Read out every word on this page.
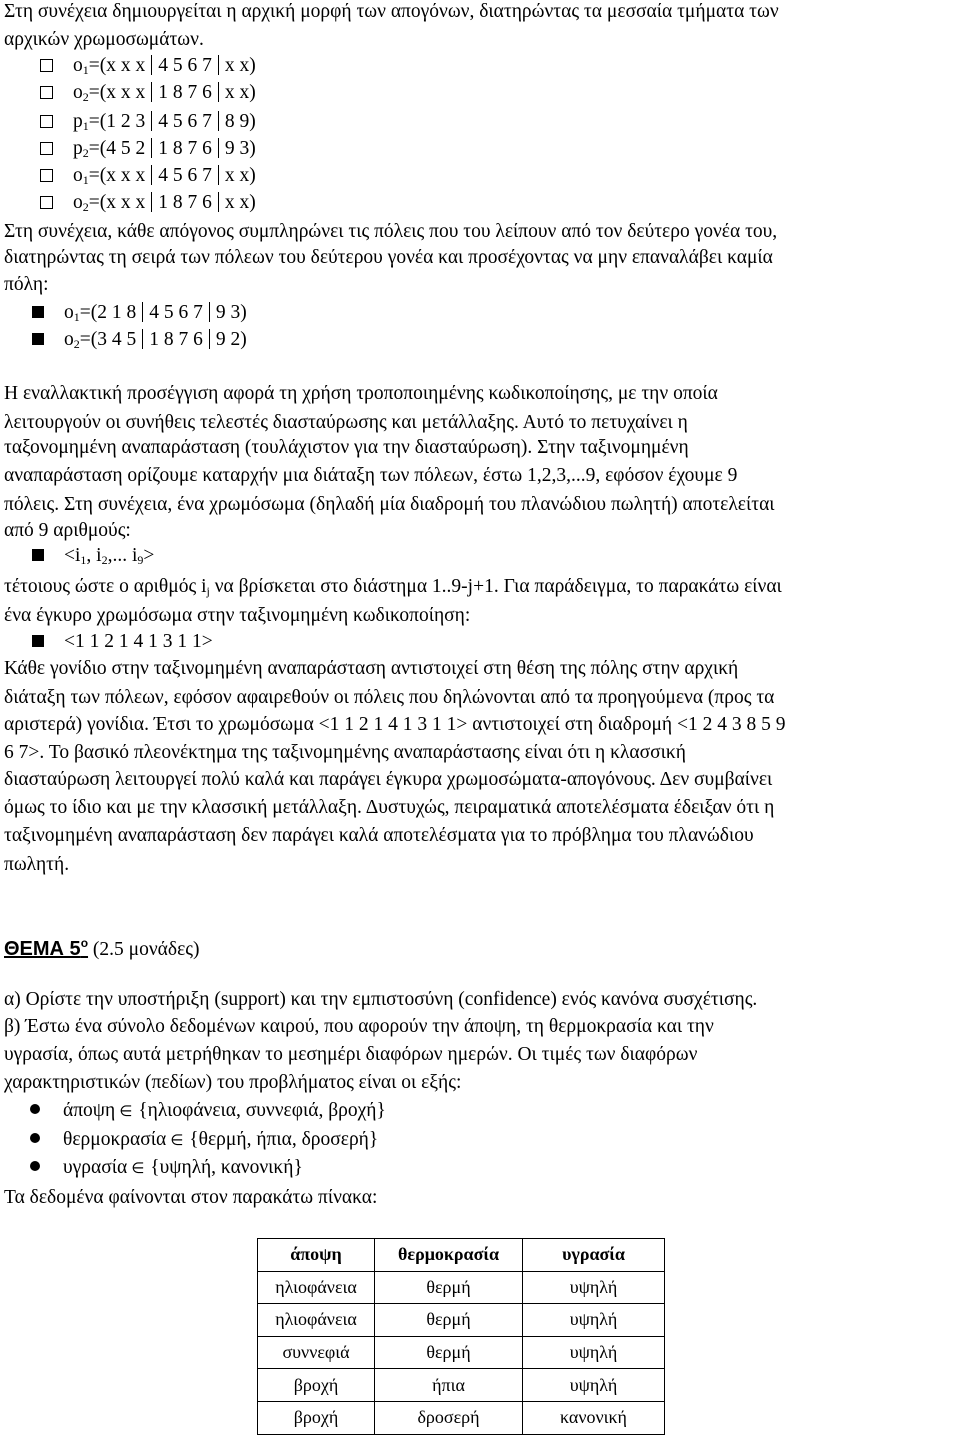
Στη συνέχεια δημιουργείται η αρχική μορφή των απογόνων, διατηρώντας τα μεσσαία τμήματα των
αρχικών χρωμοσωμάτων.
$o_1=(x$ x x 4 5 6 7 x x)
$o_2=(x$ x x 1 8 7 6 x x)
$p_1=(1$ 2 3 4 5 6 7 8 9)
$p_2=(4$ 5 2 1 8 7 6 9 3)
$o_1=(x$ x x 4 5 6 7 x x)
$o_2=(x$ x x 1 8 7 6 x x)
Στη συνέχεια, κάθε απόγονος συμπληρώνει τις πόλεις που του λείπουν από τον δεύτερο γονέα του,
διατηρώντας τη σειρά των πόλεων του δεύτερου γονέα και προσέχοντας να μην επαναλάβει καμία
πόλη:
$o_1=(2$ 1 8 4 5 6 7 9 3)
$o_2=(3$ 4 5 1 8 7 6 9 2)
Η εναλλακτική προσέγγιση αφορά τη χρήση τροποποιημένης κωδικοποίησης, με την οποία
λειτουργούν οι συνήθεις τελεστές διασταύρωσης και μετάλλαξης. Αυτό το πετυχαίνει η
ταξονομημένη αναπαράσταση (τουλάχιστον για την διασταύρωση). Στην ταξινομημένη
αναπαράσταση ορίζουμε καταρχήν μια διάταξη των πόλεων, έστω 1,2,3,...9, εφόσον έχουμε 9
πόλεις. Στη συνέχεια, ένα χρωμόσωμα (δηλαδή μία διαδρομή του πλανώδιου πωλητή) αποτελείται
από 9 αριθμούς:
$<i_1$, $i_2$,... $i_9>$
τέτοιους ώστε ο αριθμός $i_j$ να βρίσκεται στο διάστημα 1..9-j+1. Για παράδειγμα, το παρακάτω είναι
ένα έγκυρο χρωμόσωμα στην ταξινομημένη κωδικοποίηση:
<1 1 2 1 4 1 3 1 1>
Κάθε γονίδιο στην ταξινομημένη αναπαράσταση αντιστοιχεί στη θέση της πόλης στην αρχική
διάταξη των πόλεων, εφόσον αφαιρεθούν οι πόλεις που δηλώνονται από τα προηγούμενα (προς τα
αριστερά) γονίδια. Έτσι το χρωμόσωμα <1 1 2 1 4 1 3 1 1> αντιστοιχεί στη διαδρομή <1 2 4 3 8 5 9
6 7>. Το βασικό πλεονέκτημα της ταξινομημένης αναπαράστασης είναι ότι η κλασσική
διασταύρωση λειτουργεί πολύ καλά και παράγει έγκυρα χρωμοσώματα-απογόνους. Δεν συμβαίνει
όμως το ίδιο και με την κλασσική μετάλλαξη. Δυστυχώς, πειραματικά αποτελέσματα έδειξαν ότι η
ταξινομημένη αναπαράσταση δεν παράγει καλά αποτελέσματα για το πρόβλημα του πλανώδιου
πωλητή.
ΘΕΜΑ $5^o$ (2.5 μονάδες)
α) Ορίστε την υποστήριξη (support) και την εμπιστοσύνη (confidence) ενός κανόνα συσχέτισης.
β) Έστω ένα σύνολο δεδομένων καιρού, που αφορούν την άποψη, τη θερμοκρασία και την
υγρασία, όπως αυτά μετρήθηκαν το μεσημέρι διαφόρων ημερών. Οι τιμές των διαφόρων
χαρακτηριστικών (πεδίων) του προβλήματος είναι οι εξής:
άποψη ∈ {ηλιοφάνεια, συννεφιά, βροχή}
θερμοκρασία ∈ {θερμή, ήπια, δροσερή}
υγρασία ∈ {υψηλή, κανονική}
Τα δεδομένα φαίνονται στον παρακάτω πίνακα:
άποψη	θερμοκρασία	υγρασία
ηλιοφάνεια	θερμή	υψηλή
ηλιοφάνεια	θερμή	υψηλή
συννεφιά	θερμή	υψηλή
βροχή	ήπια	υψηλή
βροχή	δροσερή	κανονική
